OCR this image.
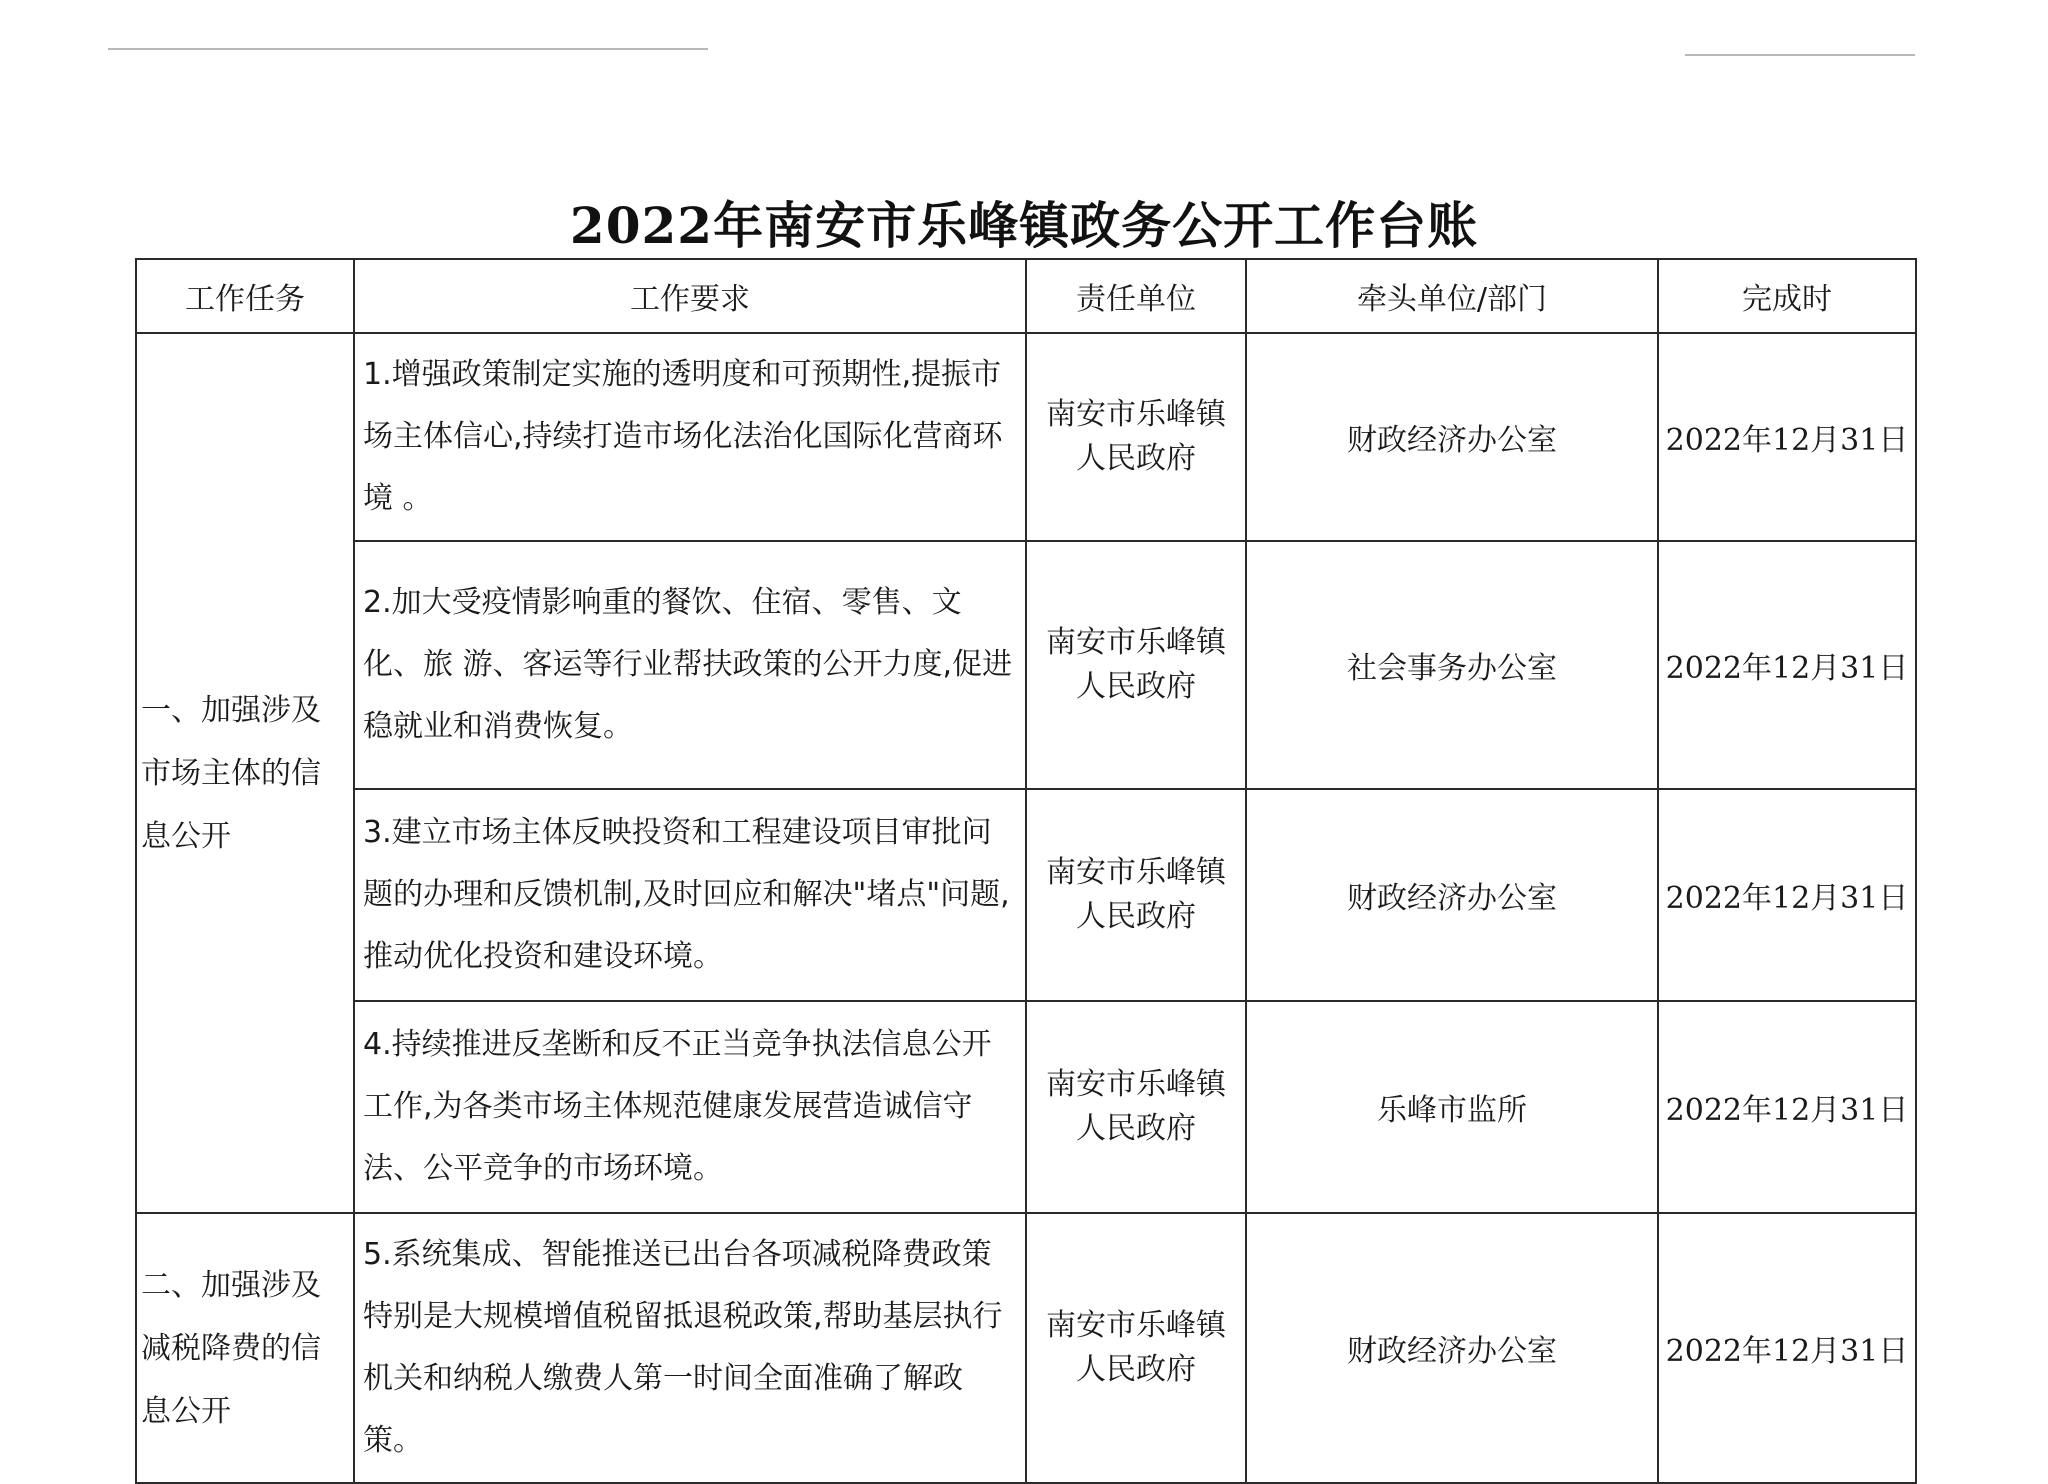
2022年南安市乐峰镇政务公开工作台账
工作任务	工作要求	责任单位	牵头单位/部门	完成时
一、加强涉及市场主体的信息公开	1.增强政策制定实施的透明度和可预期性,提振市场主体信心,持续打造市场化法治化国际化营商环境 。	南安市乐峰镇人民政府	财政经济办公室	2022年12月31日
	2.加大受疫情影响重的餐饮、住宿、零售、文化、旅 游、客运等行业帮扶政策的公开力度,促进稳就业和消费恢复。	南安市乐峰镇人民政府	社会事务办公室	2022年12月31日
	3.建立市场主体反映投资和工程建设项目审批问题的办理和反馈机制,及时回应和解决"堵点"问题,推动优化投资和建设环境。	南安市乐峰镇人民政府	财政经济办公室	2022年12月31日
	4.持续推进反垄断和反不正当竞争执法信息公开工作,为各类市场主体规范健康发展营造诚信守法、公平竞争的市场环境。	南安市乐峰镇人民政府	乐峰市监所	2022年12月31日
二、加强涉及减税降费的信息公开	5.系统集成、智能推送已出台各项减税降费政策特别是大规模增值税留抵退税政策,帮助基层执行机关和纳税人缴费人第一时间全面准确了解政策。	南安市乐峰镇人民政府	财政经济办公室	2022年12月31日
